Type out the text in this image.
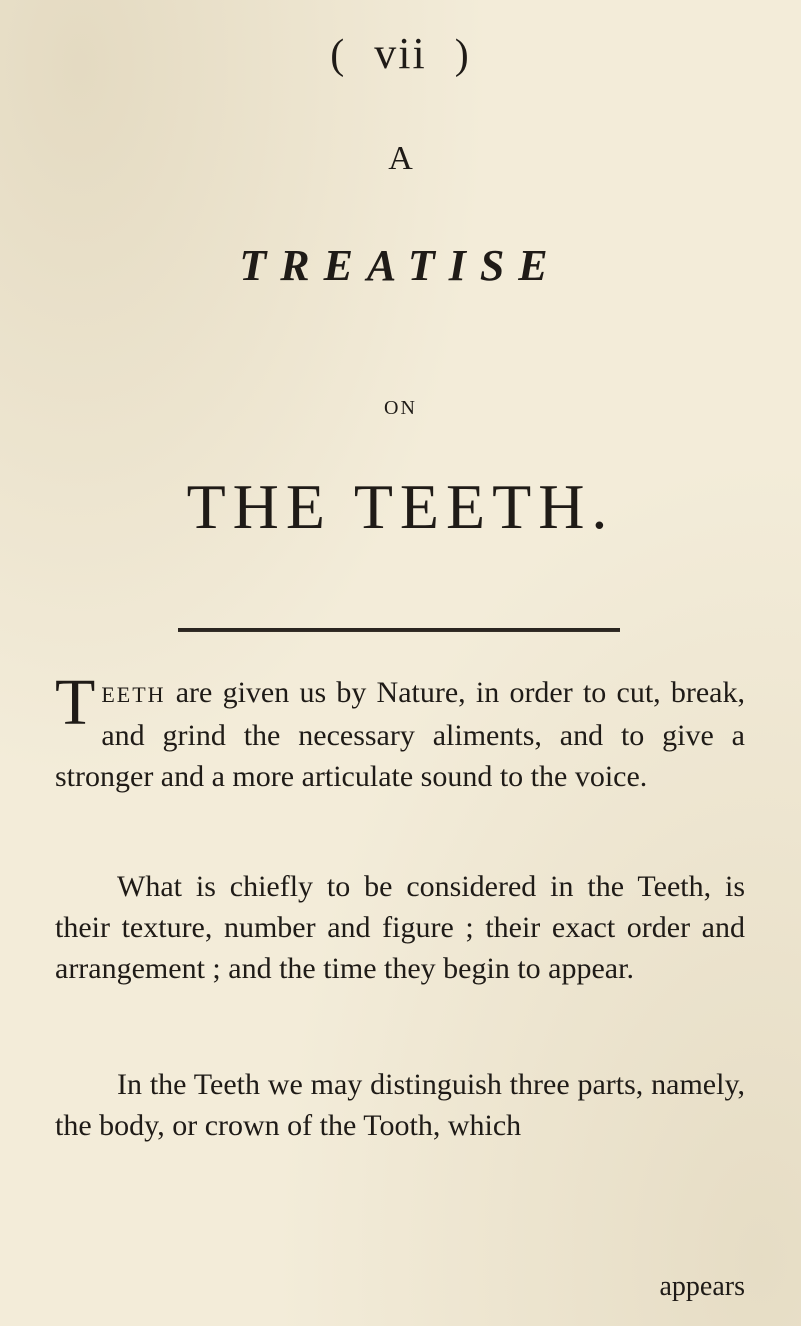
( vii )
A
TREATISE
ON
THE TEETH.
TEETH are given us by Nature, in order to cut, break, and grind the necessary aliments, and to give a stronger and a more articulate sound to the voice.
What is chiefly to be considered in the Teeth, is their texture, number and figure ; their exact order and arrangement ; and the time they begin to appear.
In the Teeth we may distinguish three parts, namely, the body, or crown of the Tooth, which
appears
